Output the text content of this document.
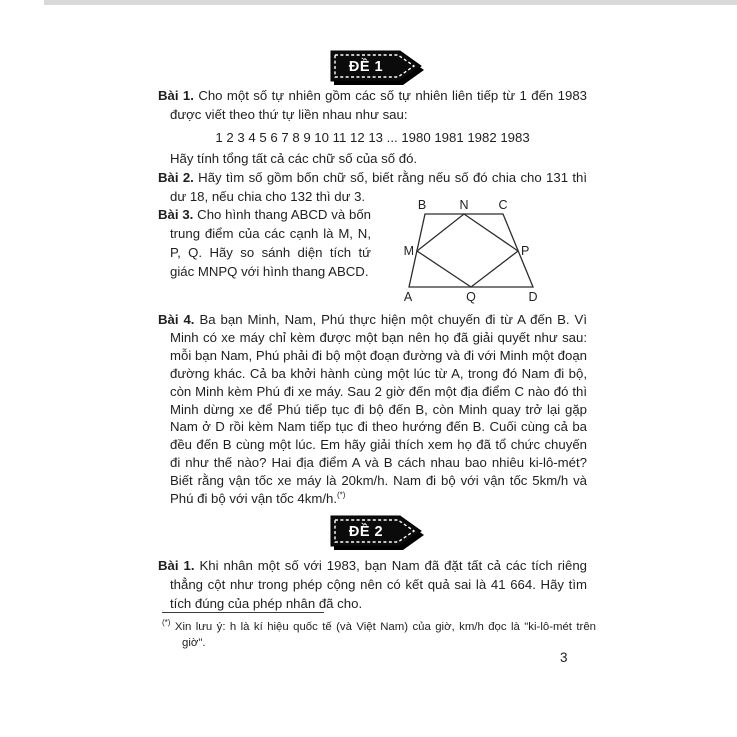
ĐỀ 1

Bài 1. Cho một số tự nhiên gồm các số tự nhiên liên tiếp từ 1 đến 1983 được viết theo thứ tự liền nhau như sau:

1 2 3 4 5 6 7 8 9 10 11 12 13 ... 1980 1981 1982 1983

Hãy tính tổng tất cả các chữ số của số đó.

Bài 2. Hãy tìm số gồm bốn chữ số, biết rằng nếu số đó chia cho 131 thì dư 18, nếu chia cho 132 thì dư 3.

Bài 3. Cho hình thang ABCD và bốn trung điểm của các cạnh là M, N, P, Q. Hãy so sánh diện tích tứ giác MNPQ với hình thang ABCD.

B	N C
M	P
A	Q	D

Bài 4. Ba bạn Minh, Nam, Phú thực hiện một chuyến đi từ A đến B. Vì Minh có xe máy chỉ kèm được một bạn nên họ đã giải quyết như sau: mỗi bạn Nam, Phú phải đi bộ một đoạn đường và đi với Minh một đoạn đường khác. Cả ba khởi hành cùng một lúc từ A, trong đó Nam đi bộ, còn Minh kèm Phú đi xe máy. Sau 2 giờ đến một địa điểm C nào đó thì Minh dừng xe để Phú tiếp tục đi bộ đến B, còn Minh quay trở lại gặp Nam ở D rồi kèm Nam tiếp tục đi theo hướng đến B. Cuối cùng cả ba đều đến B cùng một lúc. Em hãy giải thích xem họ đã tổ chức chuyến đi như thế nào? Hai địa điểm A và B cách nhau bao nhiêu ki-lô-mét? Biết rằng vận tốc xe máy là 20km/h. Nam đi bộ với vận tốc 5km/h và Phú đi bộ với vận tốc 4km/h.(*)

ĐỀ 2

Bài 1. Khi nhân một số với 1983, bạn Nam đã đặt tất cả các tích riêng thẳng cột như trong phép cộng nên có kết quả sai là 41 664. Hãy tìm tích đúng của phép nhân đã cho.

(*) Xin lưu ý: h là kí hiệu quốc tế (và Việt Nam) của giờ, km/h đọc là "ki-lô-mét trên giờ".

3
